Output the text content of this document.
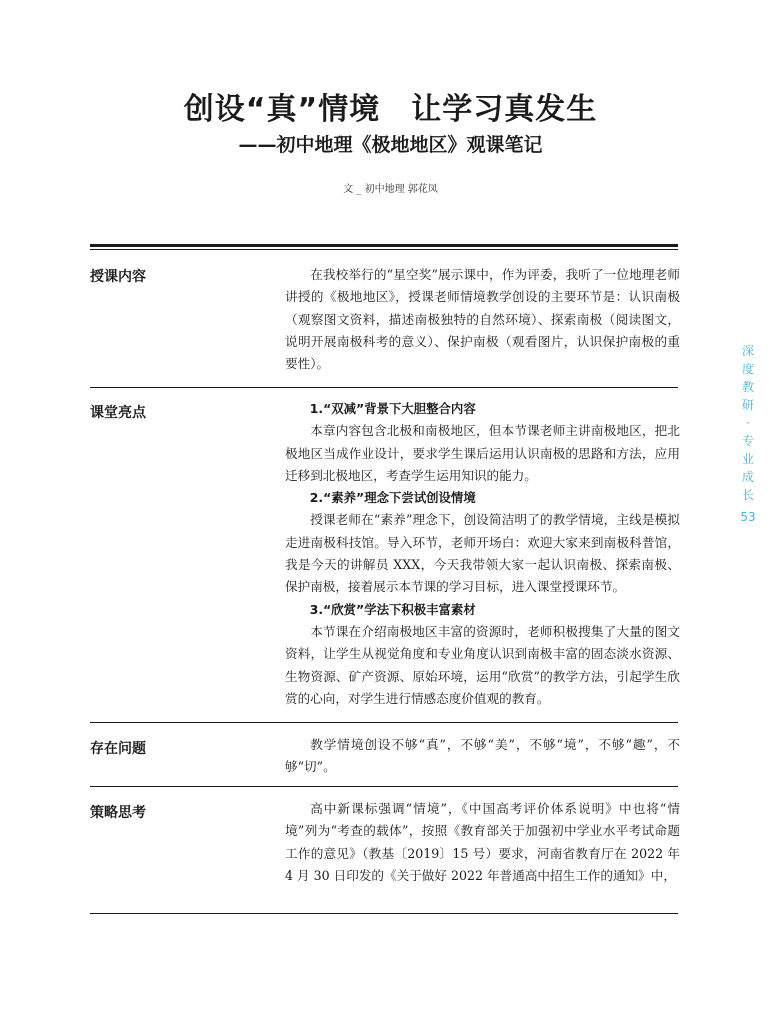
创设“真”情境　让学习真发生
——初中地理《极地地区》观课笔记
文 _ 初中地理 郭花凤
授课内容	在我校举行的“星空奖”展示课中，作为评委，我听了一位地理老师讲授的《极地地区》，授课老师情境教学创设的主要环节是：认识南极（观察图文资料，描述南极独特的自然环境）、探索南极（阅读图文，说明开展南极科考的意义）、保护南极（观看图片，认识保护南极的重要性）。

课堂亮点	1.“双减”背景下大胆整合内容

本章内容包含北极和南极地区，但本节课老师主讲南极地区，把北极地区当成作业设计，要求学生课后运用认识南极的思路和方法，应用迁移到北极地区，考查学生运用知识的能力。

2.“素养”理念下尝试创设情境

授课老师在“素养”理念下，创设简洁明了的教学情境，主线是模拟走进南极科技馆。导入环节，老师开场白：欢迎大家来到南极科普馆，我是今天的讲解员 XXX，今天我带领大家一起认识南极、探索南极、保护南极，接着展示本节课的学习目标，进入课堂授课环节。

3.“欣赏”学法下积极丰富素材

本节课在介绍南极地区丰富的资源时，老师积极搜集了大量的图文资料，让学生从视觉角度和专业角度认识到南极丰富的固态淡水资源、生物资源、矿产资源、原始环境，运用“欣赏”的教学方法，引起学生欣赏的心向，对学生进行情感态度价值观的教育。

存在问题	教学情境创设不够“真”，不够“美”，不够“境”，不够“趣”，不够“切”。

策略思考	高中新课标强调“情境”，《中国高考评价体系说明》中也将“情境”列为“考查的载体”，按照《教育部关于加强初中学业水平考试命题工作的意见》（教基〔2019〕15 号）要求，河南省教育厅在 2022 年 4 月 30 日印发的《关于做好 2022 年普通高中招生工作的通知》中，

深
度
教
研
·
专
业
成
长
53
